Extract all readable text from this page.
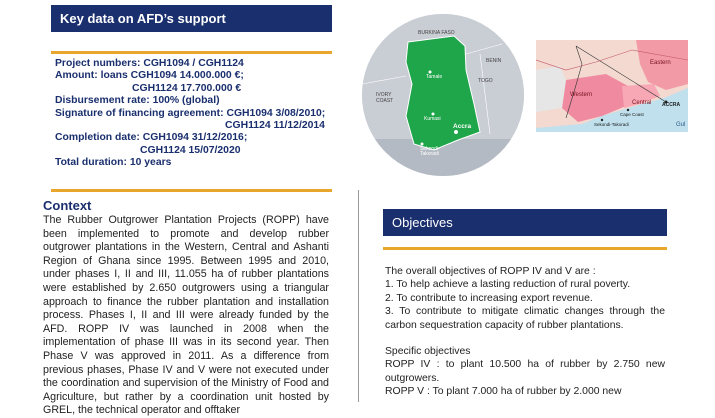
Key data on AFD’s support
Project numbers: CGH1094 / CGH1124
Amount: loans CGH1094 14.000.000 €;
CGH1124 17.700.000 €
Disbursement rate: 100% (global)
Signature of financing agreement: CGH1094 3/08/2010;
CGH1124 11/12/2014
Completion date: CGH1094 31/12/2016;
CGH1124 15/07/2020
Total duration: 10 years
Context
The Rubber Outgrower Plantation Projects (ROPP) have been implemented to promote and develop rubber outgrower plantations in the Western, Central and Ashanti Region of Ghana since 1995. Between 1995 and 2010, under phases I, II and III, 11.055 ha of rubber plantations were established by 2.650 outgrowers using a triangular approach to finance the rubber plantation and installation process. Phases I, II and III were already funded by the AFD. ROPP IV was launched in 2008 when the implementation of phase III was in its second year. Then Phase V was approved in 2011. As a difference from previous phases, Phase IV and V were not executed under the coordination and supervision of the Ministry of Food and Agriculture, but rather by a coordination unit hosted by GREL, the technical operator and offtaker
Objectives

The overall objectives of ROPP IV and V are :

1. To help achieve a lasting reduction of rural poverty.

2. To contribute to increasing export revenue.

3. To contribute to mitigate climatic changes through the carbon sequestration capacity of rubber plantations.

Specific objectives

ROPP IV : to plant 10.500 ha of rubber by 2.750 new outgrowers.

ROPP V : To plant 7.000 ha of rubber by 2.000 new

BURKINA FASO
IVORY COAST
TOGO
BENIN
Tamale
Kumasi
Accra
Sekondi-Takoradi
Eastern
Western
Central ACCRA
Cape Coast
Sekondi-Takoradi	Gul
